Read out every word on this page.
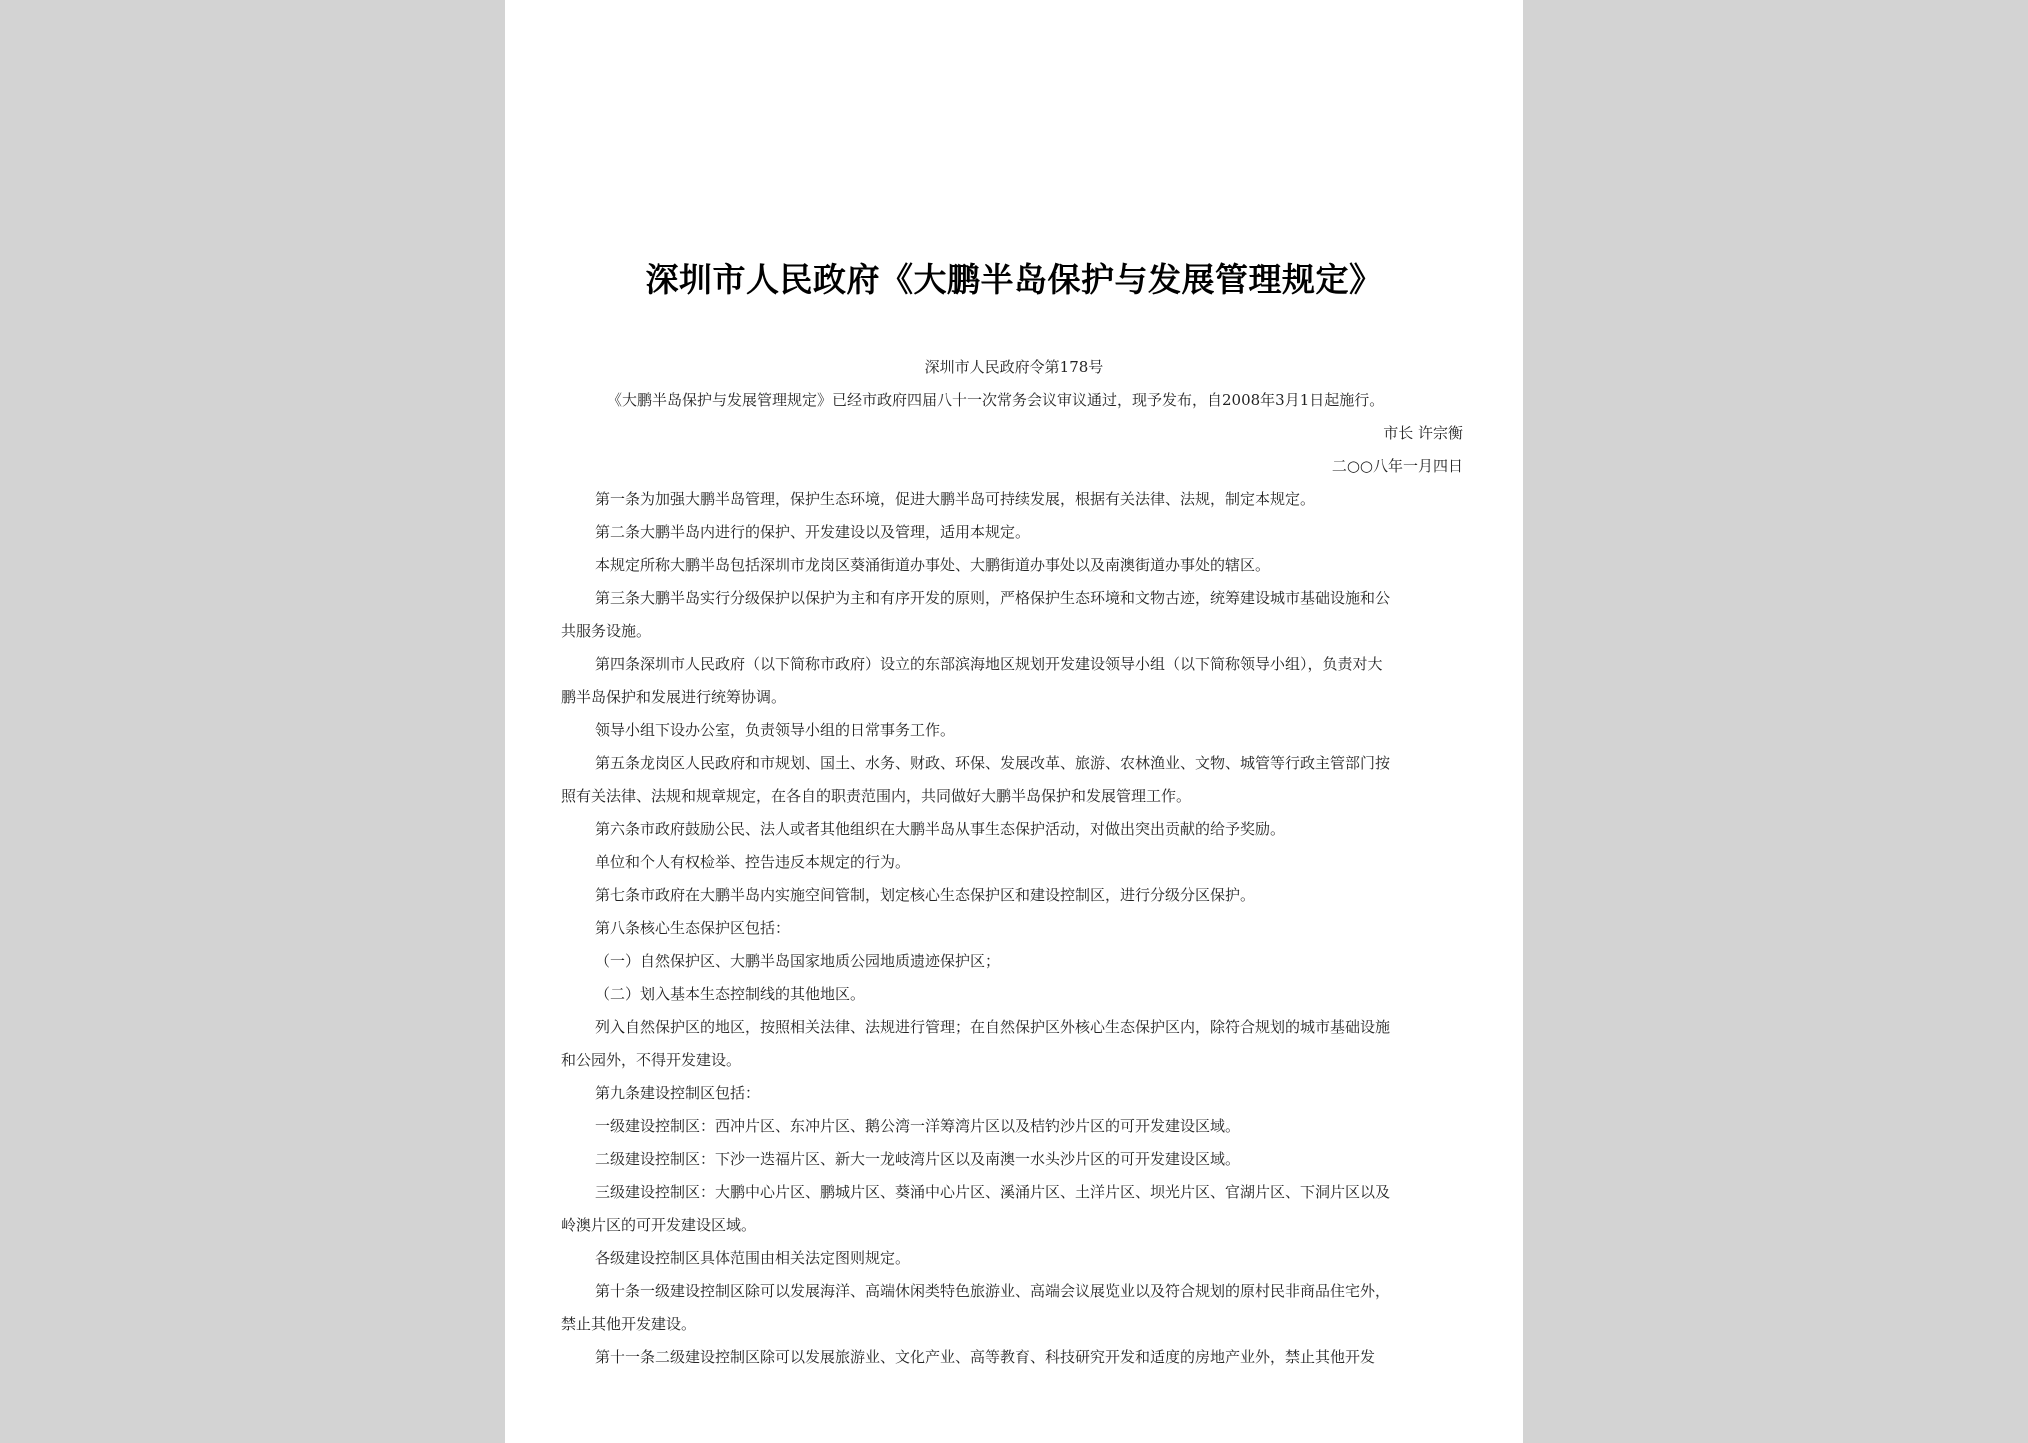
深圳市人民政府《大鹏半岛保护与发展管理规定》
深圳市人民政府令第178号
《大鹏半岛保护与发展管理规定》已经市政府四届八十一次常务会议审议通过，现予发布，自2008年3月1日起施行。
市长 许宗衡
二○○八年一月四日
第一条为加强大鹏半岛管理，保护生态环境，促进大鹏半岛可持续发展，根据有关法律、法规，制定本规定。
第二条大鹏半岛内进行的保护、开发建设以及管理，适用本规定。
本规定所称大鹏半岛包括深圳市龙岗区葵涌街道办事处、大鹏街道办事处以及南澳街道办事处的辖区。
第三条大鹏半岛实行分级保护以保护为主和有序开发的原则，严格保护生态环境和文物古迹，统筹建设城市基础设施和公
共服务设施。
第四条深圳市人民政府（以下简称市政府）设立的东部滨海地区规划开发建设领导小组（以下简称领导小组），负责对大
鹏半岛保护和发展进行统筹协调。
领导小组下设办公室，负责领导小组的日常事务工作。
第五条龙岗区人民政府和市规划、国土、水务、财政、环保、发展改革、旅游、农林渔业、文物、城管等行政主管部门按
照有关法律、法规和规章规定，在各自的职责范围内，共同做好大鹏半岛保护和发展管理工作。
第六条市政府鼓励公民、法人或者其他组织在大鹏半岛从事生态保护活动，对做出突出贡献的给予奖励。
单位和个人有权检举、控告违反本规定的行为。
第七条市政府在大鹏半岛内实施空间管制，划定核心生态保护区和建设控制区，进行分级分区保护。
第八条核心生态保护区包括：
（一）自然保护区、大鹏半岛国家地质公园地质遗迹保护区；
（二）划入基本生态控制线的其他地区。
列入自然保护区的地区，按照相关法律、法规进行管理；在自然保护区外核心生态保护区内，除符合规划的城市基础设施
和公园外，不得开发建设。
第九条建设控制区包括：
一级建设控制区：西冲片区、东冲片区、鹅公湾一洋筹湾片区以及桔钓沙片区的可开发建设区域。
二级建设控制区：下沙一迭福片区、新大一龙岐湾片区以及南澳一水头沙片区的可开发建设区域。
三级建设控制区：大鹏中心片区、鹏城片区、葵涌中心片区、溪涌片区、土洋片区、坝光片区、官湖片区、下洞片区以及
岭澳片区的可开发建设区域。
各级建设控制区具体范围由相关法定图则规定。
第十条一级建设控制区除可以发展海洋、高端休闲类特色旅游业、高端会议展览业以及符合规划的原村民非商品住宅外，
禁止其他开发建设。
第十一条二级建设控制区除可以发展旅游业、文化产业、高等教育、科技研究开发和适度的房地产业外，禁止其他开发
